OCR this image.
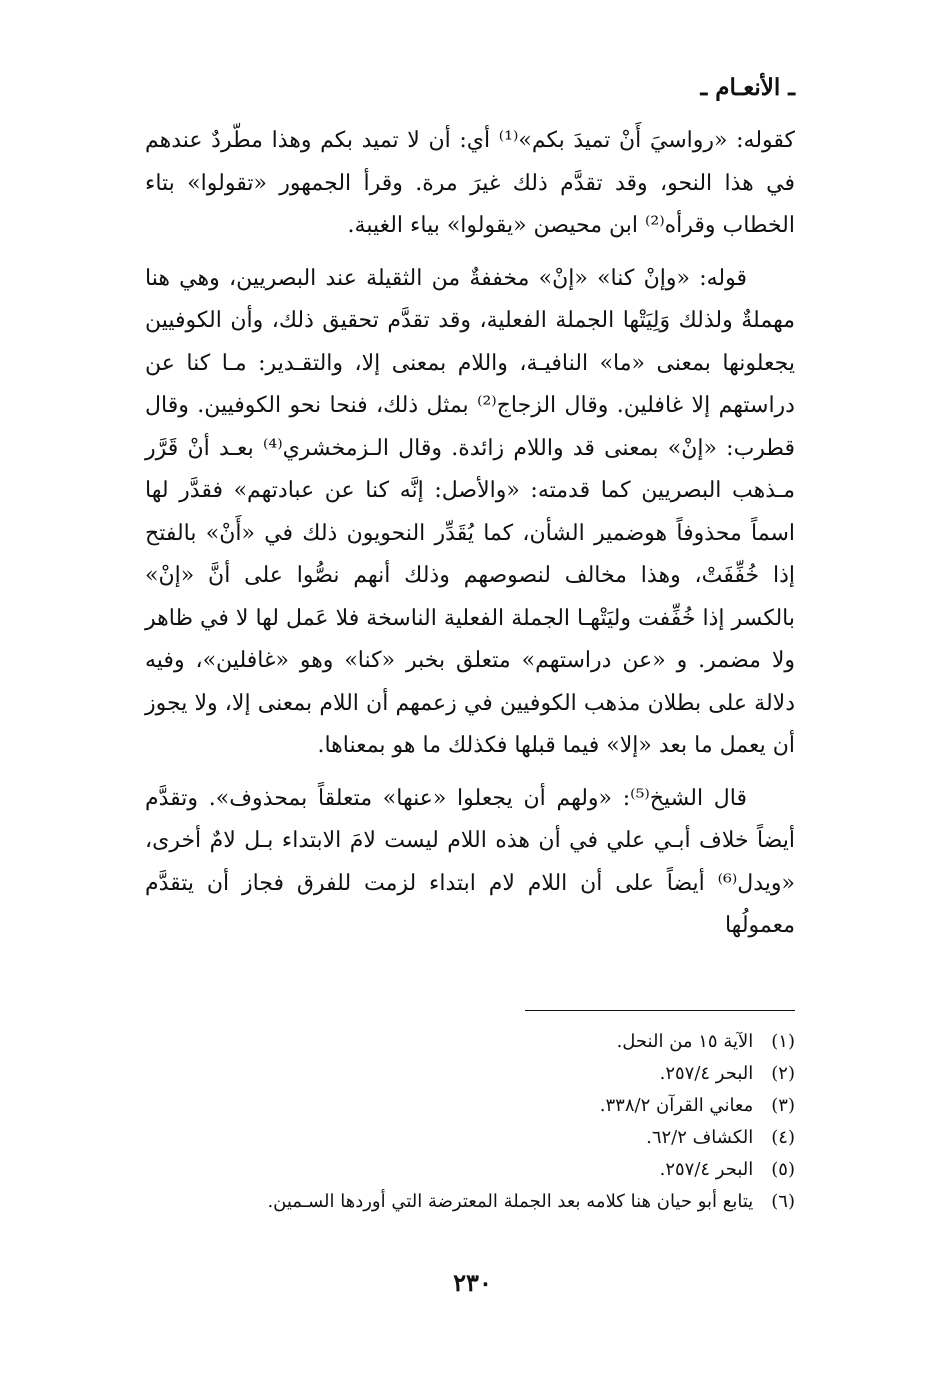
ـ الأنعـام ـ

كقوله: «رواسيَ أَنْ تميدَ بكم»⁽¹⁾ أي: أن لا تميد بكم وهذا مطّردٌ عندهم في هذا النحو، وقد تقدَّم ذلك غيرَ مرة. وقرأ الجمهور «تقولوا» بتاء الخطاب وقرأه⁽²⁾ ابن محيصن «يقولوا» بياء الغيبة.

قوله: «وإنْ كنا» «إنْ» مخففةٌ من الثقيلة عند البصريين، وهي هنا مهملةٌ ولذلك وَلِيَتْها الجملة الفعلية، وقد تقدَّم تحقيق ذلك، وأن الكوفيين يجعلونها بمعنى «ما» النافيـة، واللام بمعنى إلا، والتقـدير: مـا كنا عن دراستهم إلا غافلين. وقال الزجاج⁽²⁾ بمثل ذلك، فنحا نحو الكوفيين. وقال قطرب: «إنْ» بمعنى قد واللام زائدة. وقال الـزمخشري⁽⁴⁾ بعـد أنْ قَرَّر مـذهب البصريين كما قدمته: «والأصل: إنَّه كنا عن عبادتهم» فقدَّر لها اسماً محذوفاً هوضمير الشأن، كما يُقَدِّر النحويون ذلك في «أَنْ» بالفتح إذا خُفِّفَتْ، وهذا مخالف لنصوصهم وذلك أنهم نصُّوا على أنَّ «إنْ» بالكسر إذا خُفِّفت وليَتْهـا الجملة الفعلية الناسخة فلا عَمل لها لا في ظاهر ولا مضمر. و «عن دراستهم» متعلق بخبر «كنا» وهو «غافلين»، وفيه دلالة على بطلان مذهب الكوفيين في زعمهم أن اللام بمعنى إلا، ولا يجوز أن يعمل ما بعد «إلا» فيما قبلها فكذلك ما هو بمعناها.

قال الشيخ⁽⁵⁾: «ولهم أن يجعلوا «عنها» متعلقاً بمحذوف». وتقدَّم أيضاً خلاف أبـي علي في أن هذه اللام ليست لامَ الابتداء بـل لامٌ أخرى، «ويدل⁽⁶⁾ أيضاً على أن اللام لام ابتداء لزمت للفرق فجاز أن يتقدَّم معمولُها

(١) الآية ١٥ من النحل.
(٢) البحر ٢٥٧/٤.
(٣) معاني القرآن ٣٣٨/٢.
(٤) الكشاف ٦٢/٢.
(٥) البحر ٢٥٧/٤.
(٦) يتابع أبو حيان هنا كلامه بعد الجملة المعترضة التي أوردها السـمين.
٢٣٠
